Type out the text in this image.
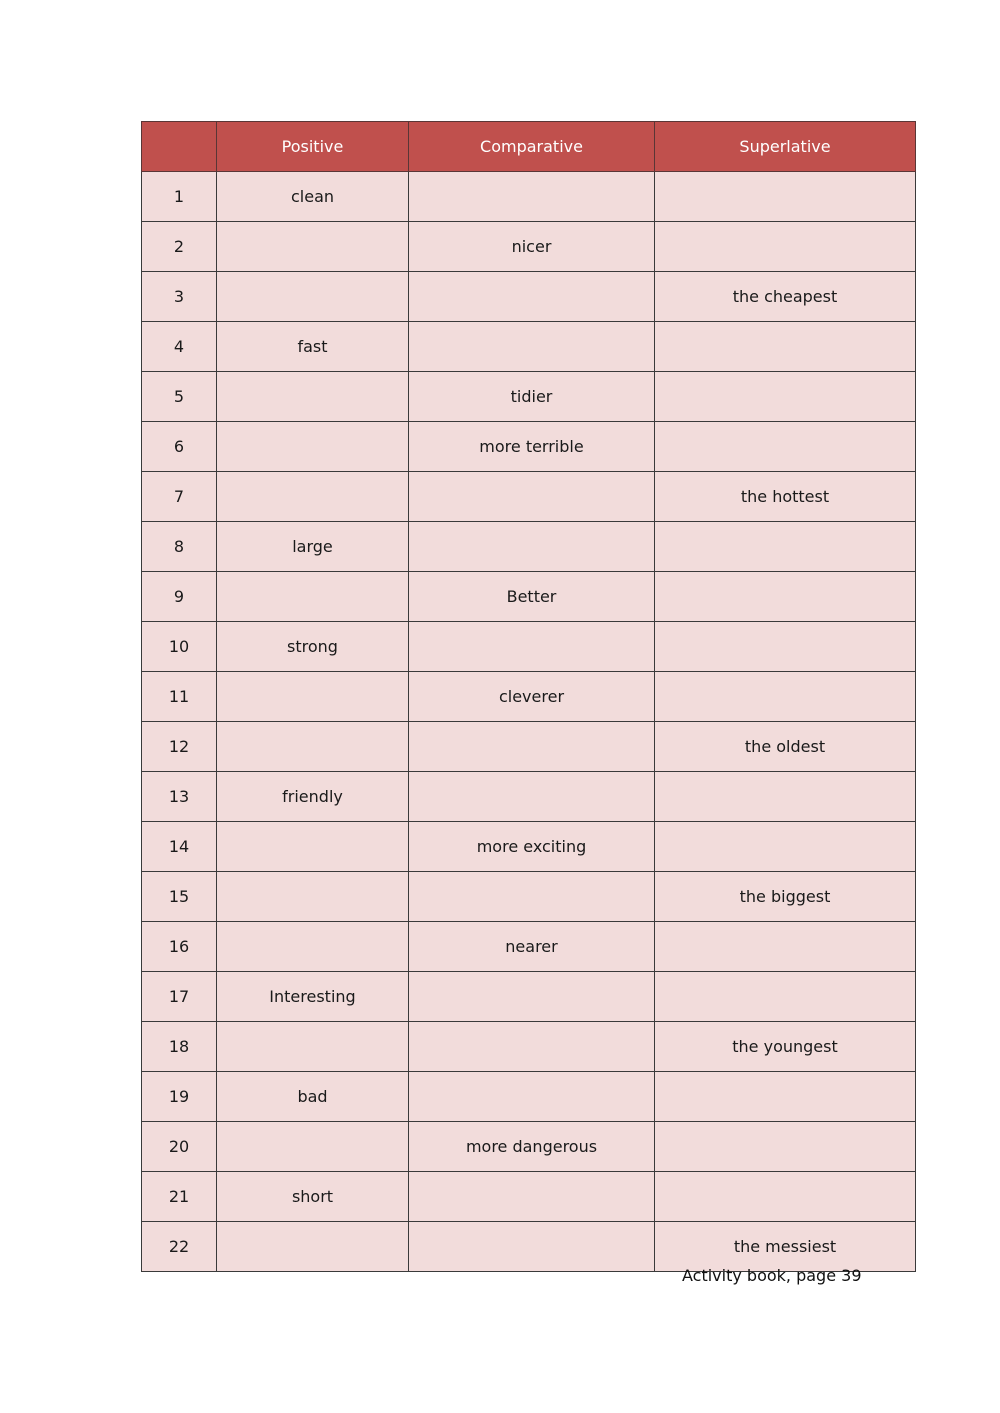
	Positive	Comparative	Superlative
1	clean		
2		nicer	
3			the cheapest
4	fast		
5		tidier	
6		more terrible	
7			the hottest
8	large		
9		Better	
10	strong		
11		cleverer	
12			the oldest
13	friendly		
14		more exciting	
15			the biggest
16		nearer	
17	Interesting		
18			the youngest
19	bad		
20		more dangerous	
21	short		
22			the messiest
Activity book, page 39
